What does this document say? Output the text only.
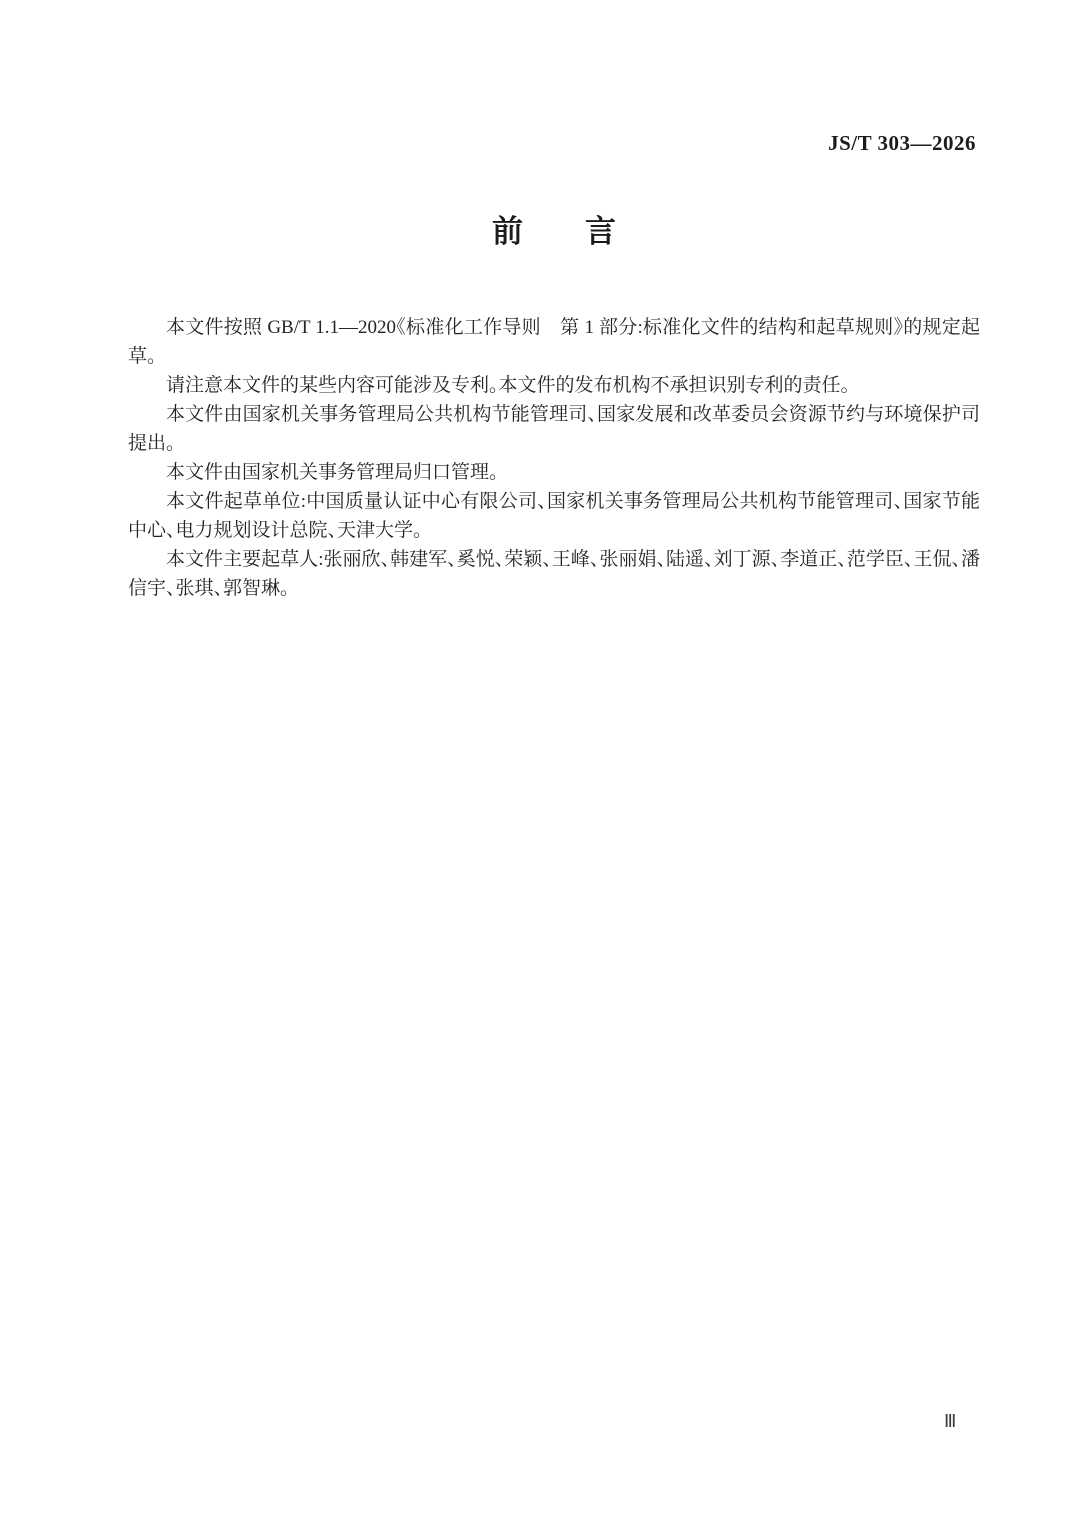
JS/T 303—2026
前　　言

本文件按照 GB/T 1.1—2020《标准化工作导则　第 1 部分:标准化文件的结构和起草规则》的规定起草。

请注意本文件的某些内容可能涉及专利。本文件的发布机构不承担识别专利的责任。

本文件由国家机关事务管理局公共机构节能管理司、国家发展和改革委员会资源节约与环境保护司提出。

本文件由国家机关事务管理局归口管理。

本文件起草单位:中国质量认证中心有限公司、国家机关事务管理局公共机构节能管理司、国家节能中心、电力规划设计总院、天津大学。

本文件主要起草人:张丽欣、韩建军、奚悦、荣颖、王峰、张丽娟、陆遥、刘丁源、李道正、范学臣、王侃、潘信宇、张琪、郭智琳。

Ⅲ
